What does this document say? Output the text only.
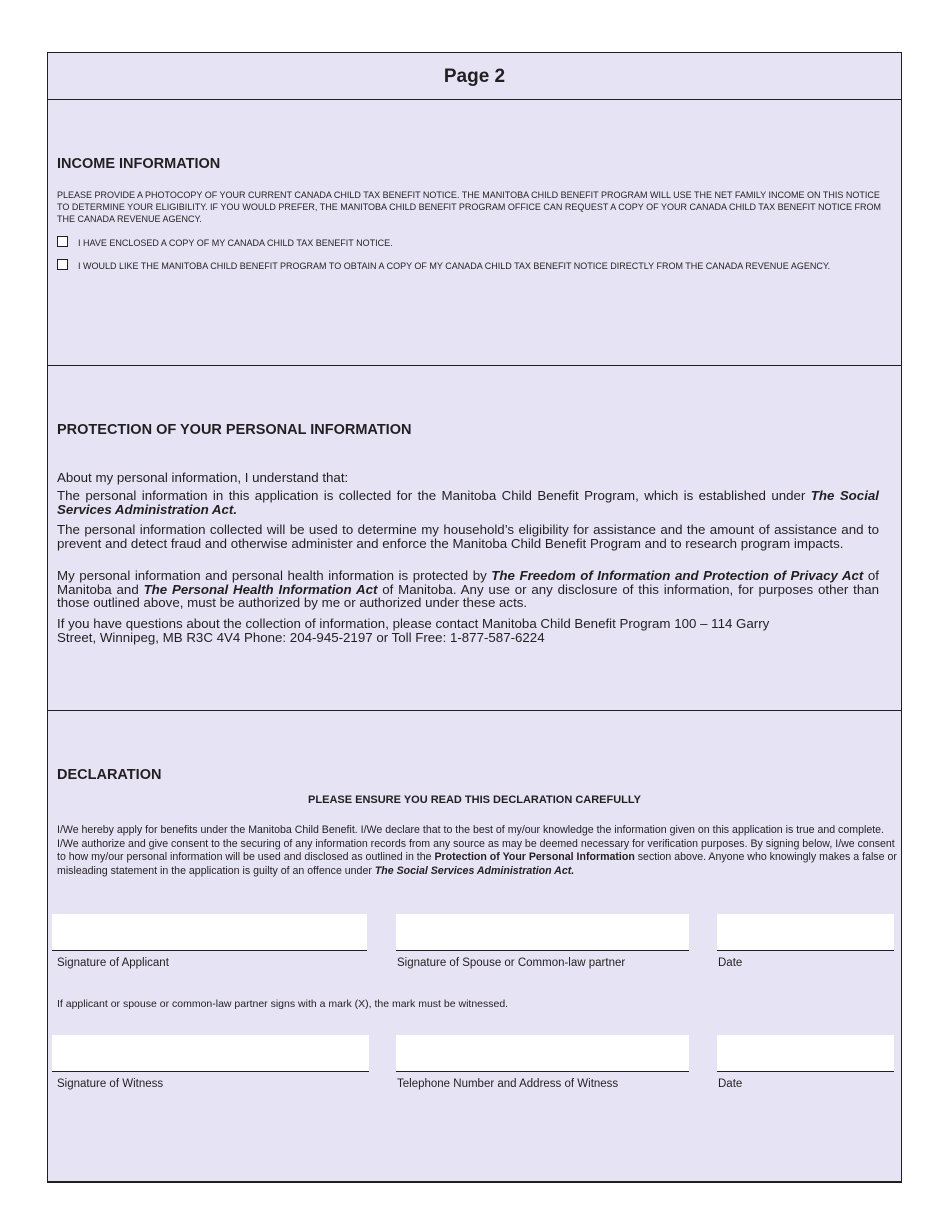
Page 2
INCOME INFORMATION
PLEASE PROVIDE A PHOTOCOPY OF YOUR CURRENT CANADA CHILD TAX BENEFIT NOTICE. THE MANITOBA CHILD BENEFIT PROGRAM WILL USE THE NET FAMILY INCOME ON THIS NOTICE TO DETERMINE YOUR ELIGIBILITY. IF YOU WOULD PREFER, THE MANITOBA CHILD BENEFIT PROGRAM OFFICE CAN REQUEST A COPY OF YOUR CANADA CHILD TAX BENEFIT NOTICE FROM THE CANADA REVENUE AGENCY.
I HAVE ENCLOSED A COPY OF MY CANADA CHILD TAX BENEFIT NOTICE.
I WOULD LIKE THE MANITOBA CHILD BENEFIT PROGRAM TO OBTAIN A COPY OF MY CANADA CHILD TAX BENEFIT NOTICE DIRECTLY FROM THE CANADA REVENUE AGENCY.
PROTECTION OF YOUR PERSONAL INFORMATION
About my personal information, I understand that:
The personal information in this application is collected for the Manitoba Child Benefit Program, which is established under The Social Services Administration Act.
The personal information collected will be used to determine my household’s eligibility for assistance and the amount of assistance and to prevent and detect fraud and otherwise administer and enforce the Manitoba Child Benefit Program and to research program impacts.
My personal information and personal health information is protected by The Freedom of Information and Protection of Privacy Act of Manitoba and The Personal Health Information Act of Manitoba. Any use or any disclosure of this information, for purposes other than those outlined above, must be authorized by me or authorized under these acts.
If you have questions about the collection of information, please contact Manitoba Child Benefit Program 100 – 114 Garry
Street, Winnipeg, MB R3C 4V4 Phone: 204-945-2197 or Toll Free: 1-877-587-6224
DECLARATION
PLEASE ENSURE YOU READ THIS DECLARATION CAREFULLY
I/We hereby apply for benefits under the Manitoba Child Benefit. I/We declare that to the best of my/our knowledge the information given on this application is true and complete. I/We authorize and give consent to the securing of any information records from any source as may be deemed necessary for verification purposes. By signing below, I/we consent to how my/our personal information will be used and disclosed as outlined in the Protection of Your Personal Information section above. Anyone who knowingly makes a false or misleading statement in the application is guilty of an offence under The Social Services Administration Act.
Signature of Applicant	Signature of Spouse or Common-law partner	Date
If applicant or spouse or common-law partner signs with a mark (X), the mark must be witnessed.
Signature of Witness	Telephone Number and Address of Witness	Date
